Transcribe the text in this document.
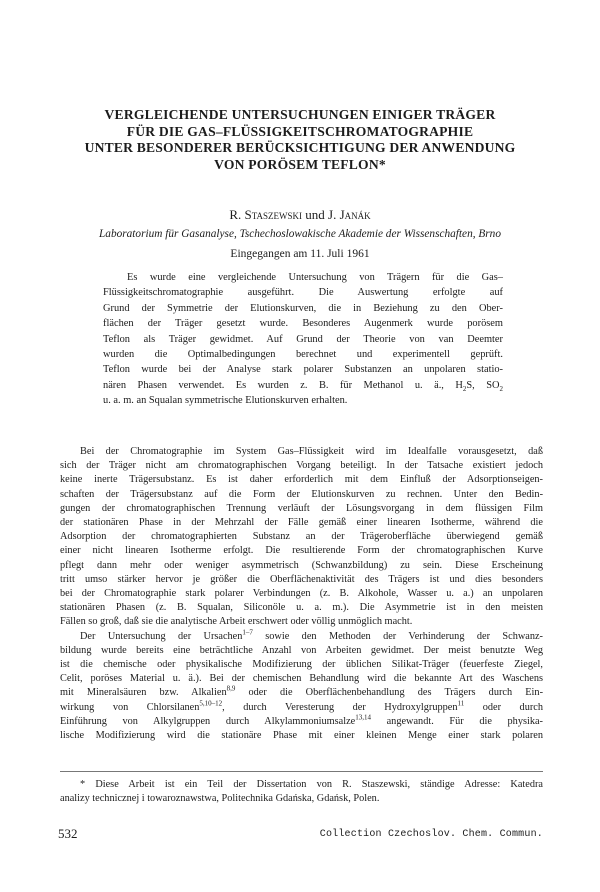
VERGLEICHENDE UNTERSUCHUNGEN EINIGER TRÄGER
FÜR DIE GAS–FLÜSSIGKEITSCHROMATOGRAPHIE
UNTER BESONDERER BERÜCKSICHTIGUNG DER ANWENDUNG
VON PORÖSEM TEFLON*
R. Staszewski und J. Janák
Laboratorium für Gasanalyse, Tschechoslowakische Akademie der Wissenschaften, Brno
Eingegangen am 11. Juli 1961
Es wurde eine vergleichende Untersuchung von Trägern für die Gas–
Flüssigkeitschromatographie ausgeführt. Die Auswertung erfolgte auf
Grund der Symmetrie der Elutionskurven, die in Beziehung zu den Ober-
flächen der Träger gesetzt wurde. Besonderes Augenmerk wurde porösem
Teflon als Träger gewidmet. Auf Grund der Theorie von van Deemter
wurden die Optimalbedingungen berechnet und experimentell geprüft.
Teflon wurde bei der Analyse stark polarer Substanzen an unpolaren statio-
nären Phasen verwendet. Es wurden z. B. für Methanol u. ä., $H_2S$, $SO_2$
u. a. m. an Squalan symmetrische Elutionskurven erhalten.
Bei der Chromatographie im System Gas–Flüssigkeit wird im Idealfalle vorausgesetzt, daß
sich der Träger nicht am chromatographischen Vorgang beteiligt. In der Tatsache existiert jedoch
keine inerte Trägersubstanz. Es ist daher erforderlich mit dem Einfluß der Adsorptionseigen-
schaften der Trägersubstanz auf die Form der Elutionskurven zu rechnen. Unter den Bedin-
gungen der chromatographischen Trennung verläuft der Lösungsvorgang in dem flüssigen Film
der stationären Phase in der Mehrzahl der Fälle gemäß einer linearen Isotherme, während die
Adsorption der chromatographierten Substanz an der Trägeroberfläche überwiegend gemäß
einer nicht linearen Isotherme erfolgt. Die resultierende Form der chromatographischen Kurve
pflegt dann mehr oder weniger asymmetrisch (Schwanzbildung) zu sein. Diese Erscheinung
tritt umso stärker hervor je größer die Oberflächenaktivität des Trägers ist und dies besonders
bei der Chromatographie stark polarer Verbindungen (z. B. Alkohole, Wasser u. a.) an unpolaren
stationären Phasen (z. B. Squalan, Siliconöle u. a. m.). Die Asymmetrie ist in den meisten
Fällen so groß, daß sie die analytische Arbeit erschwert oder völlig unmöglich macht.
Der Untersuchung der Ursachen$^{1-7}$ sowie den Methoden der Verhinderung der Schwanz-
bildung wurde bereits eine beträchtliche Anzahl von Arbeiten gewidmet. Der meist benutzte Weg
ist die chemische oder physikalische Modifizierung der üblichen Silikat-Träger (feuerfeste Ziegel,
Celit, poröses Material u. ä.). Bei der chemischen Behandlung wird die bekannte Art des Waschens
mit Mineralsäuren bzw. Alkalien$^{8,9}$ oder die Oberflächenbehandlung des Trägers durch Ein-
wirkung von Chlorsilanen$^{5,10-12}$, durch Veresterung der Hydroxylgruppen$^{11}$ oder durch
Einführung von Alkylgruppen durch Alkylammoniumsalze$^{13,14}$ angewandt. Für die physika-
lische Modifizierung wird die stationäre Phase mit einer kleinen Menge einer stark polaren
* Diese Arbeit ist ein Teil der Dissertation von R. Staszewski, ständige Adresse: Katedra
analizy technicznej i towaroznawstwa, Politechnika Gdańska, Gdańsk, Polen.
532	Collection Czechoslov. Chem. Commun.
